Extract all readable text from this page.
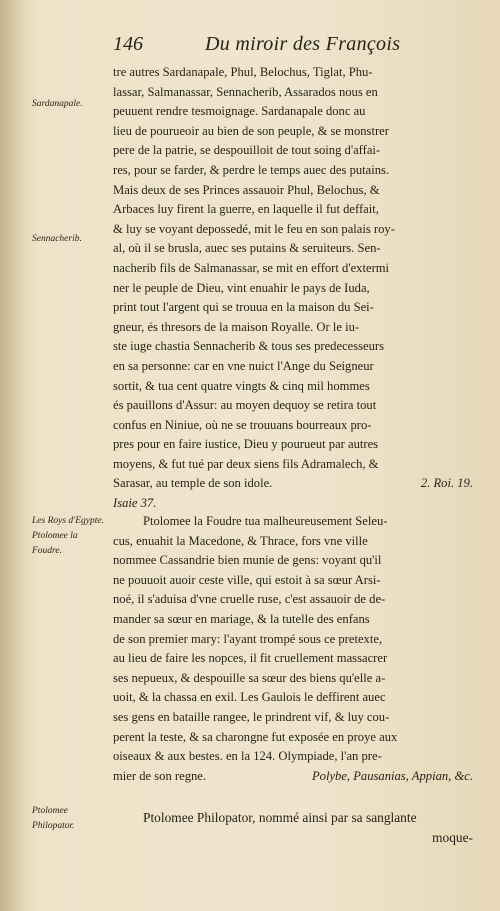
146	Du miroir des François
Sardanapale.
Sennacherib.
Les Roys d'Egypte. Ptolomee la Foudre.
Ptolomee Philopator.
tre autres Sardanapale, Phul, Belochus, Tiglat, Phu-
lassar, Salmanassar, Sennacherib, Assarados nous en
peuuent rendre tesmoignage. Sardanapale donc au
lieu de pourueoir au bien de son peuple, & se monstrer
pere de la patrie, se despouilloit de tout soing d'affai-
res, pour se farder, & perdre le temps auec des putains.
Mais deux de ses Princes assauoir Phul, Belochus, &
Arbaces luy firent la guerre, en laquelle il fut deffait,
& luy se voyant depossedé, mit le feu en son palais roy-
al, où il se brusla, auec ses putains & seruiteurs. Sen-
nacherib fils de Salmanassar, se mit en effort d'extermi
ner le peuple de Dieu, vint enuahir le pays de Iuda,
print tout l'argent qui se trouua en la maison du Sei-
gneur, és thresors de la maison Royalle. Or le iu-
ste iuge chastia Sennacherib & tous ses predecesseurs
en sa personne: car en vne nuict l'Ange du Seigneur
sortit, & tua cent quatre vingts & cinq mil hommes
és pauillons d'Assur: au moyen dequoy se retira tout
confus en Niniue, où ne se trouuans bourreaux pro-
pres pour en faire iustice, Dieu y pourueut par autres
moyens, & fut tué par deux siens fils Adramalech, &
Sarasar, au temple de son idole.	2. Roi. 19.
Isaie 37.
Ptolomee la Foudre tua malheureusement Seleu-
cus, enuahit la Macedone, & Thrace, fors vne ville
nommee Cassandrie bien munie de gens: voyant qu'il
ne pouuoit auoir ceste ville, qui estoit à sa sœur Arsi-
noé, il s'aduisa d'vne cruelle ruse, c'est assauoir de de-
mander sa sœur en mariage, & la tutelle des enfans
de son premier mary: l'ayant trompé sous ce pretexte,
au lieu de faire les nopces, il fit cruellement massacrer
ses nepueux, & despouille sa sœur des biens qu'elle a-
uoit, & la chassa en exil. Les Gaulois le deffirent auec
ses gens en bataille rangee, le prindrent vif, & luy cou-
perent la teste, & sa charongne fut exposée en proye aux
oiseaux & aux bestes. en la 124. Olympiade, l'an pre-
mier de son regne.	Polybe, Pausanias, Appian, &c.
Ptolomee Philopator, nommé ainsi par sa sanglante
moque-
